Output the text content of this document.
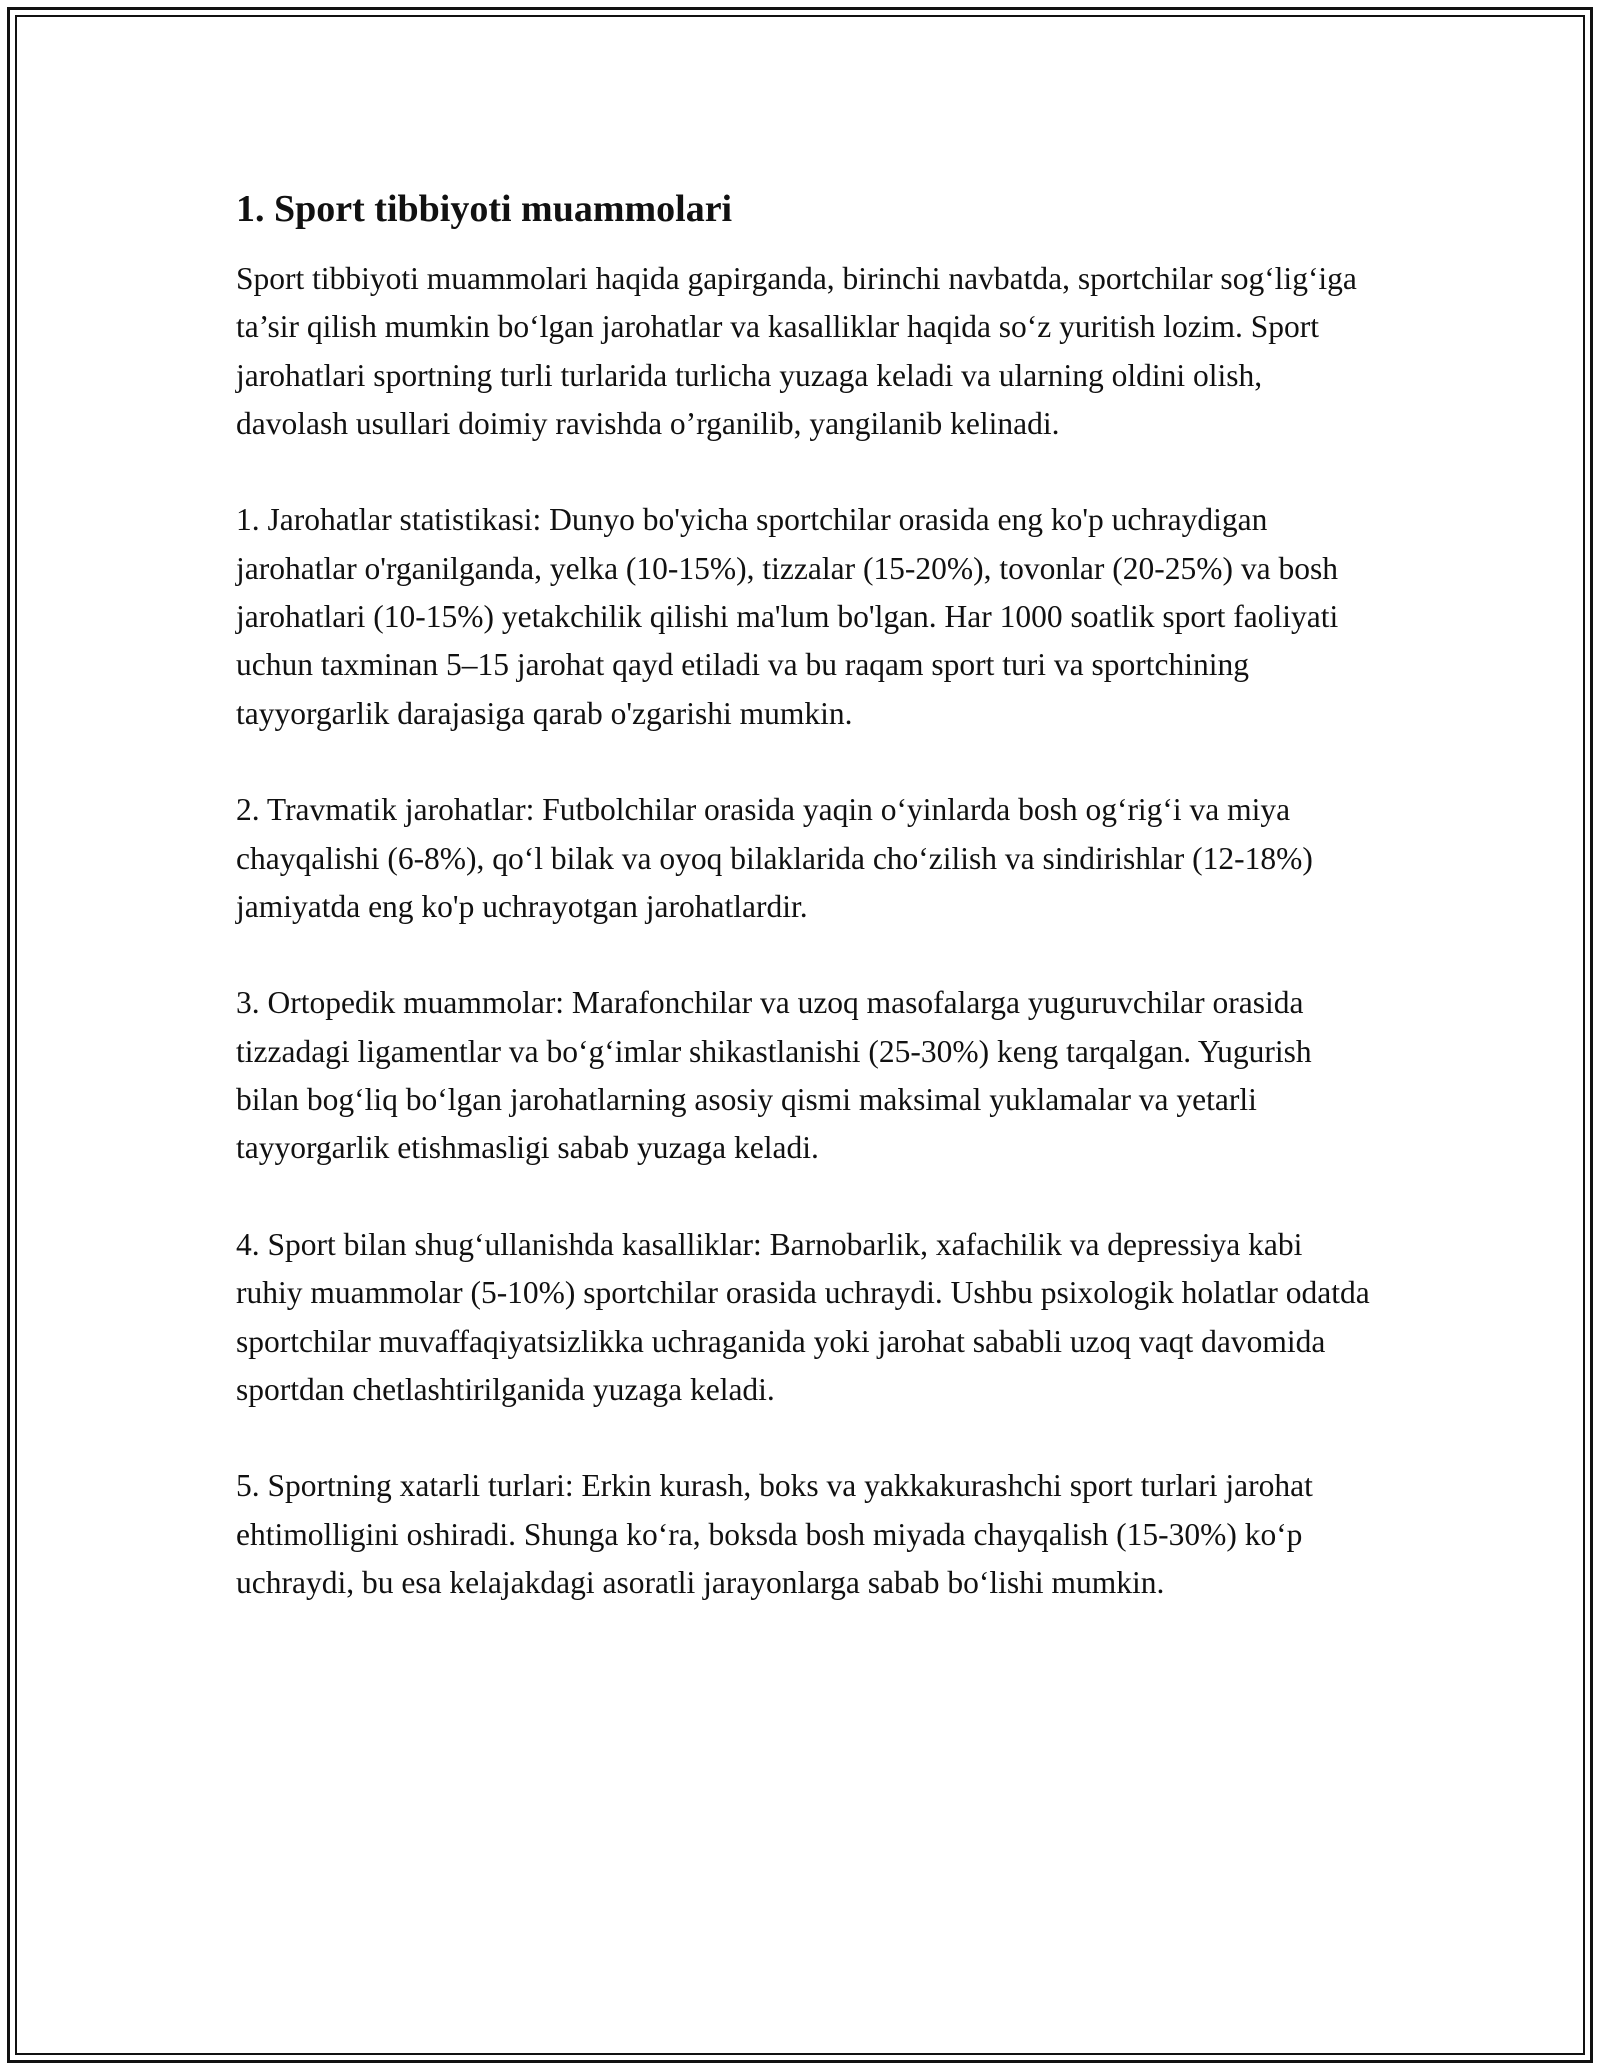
1. Sport tibbiyoti muammolari

Sport tibbiyoti muammolari haqida gapirganda, birinchi navbatda, sportchilar sog‘lig‘iga ta’sir qilish mumkin bo‘lgan jarohatlar va kasalliklar haqida so‘z yuritish lozim. Sport jarohatlari sportning turli turlarida turlicha yuzaga keladi va ularning oldini olish, davolash usullari doimiy ravishda o’rganilib, yangilanib kelinadi.

1. Jarohatlar statistikasi: Dunyo bo'yicha sportchilar orasida eng ko'p uchraydigan jarohatlar o'rganilganda, yelka (10-15%), tizzalar (15-20%), tovonlar (20-25%) va bosh jarohatlari (10-15%) yetakchilik qilishi ma'lum bo'lgan. Har 1000 soatlik sport faoliyati uchun taxminan 5–15 jarohat qayd etiladi va bu raqam sport turi va sportchining tayyorgarlik darajasiga qarab o'zgarishi mumkin.

2. Travmatik jarohatlar: Futbolchilar orasida yaqin o‘yinlarda bosh og‘rig‘i va miya chayqalishi (6-8%), qo‘l bilak va oyoq bilaklarida cho‘zilish va sindirishlar (12-18%) jamiyatda eng ko'p uchrayotgan jarohatlardir.

3. Ortopedik muammolar: Marafonchilar va uzoq masofalarga yuguruvchilar orasida tizzadagi ligamentlar va bo‘g‘imlar shikastlanishi (25-30%) keng tarqalgan. Yugurish bilan bog‘liq bo‘lgan jarohatlarning asosiy qismi maksimal yuklamalar va yetarli tayyorgarlik etishmasligi sabab yuzaga keladi.

4. Sport bilan shug‘ullanishda kasalliklar: Barnobarlik, xafachilik va depressiya kabi ruhiy muammolar (5-10%) sportchilar orasida uchraydi. Ushbu psixologik holatlar odatda sportchilar muvaffaqiyatsizlikka uchraganida yoki jarohat sababli uzoq vaqt davomida sportdan chetlashtirilganida yuzaga keladi.

5. Sportning xatarli turlari: Erkin kurash, boks va yakkakurashchi sport turlari jarohat ehtimolligini oshiradi. Shunga ko‘ra, boksda bosh miyada chayqalish (15-30%) ko‘p uchraydi, bu esa kelajakdagi asoratli jarayonlarga sabab bo‘lishi mumkin.
